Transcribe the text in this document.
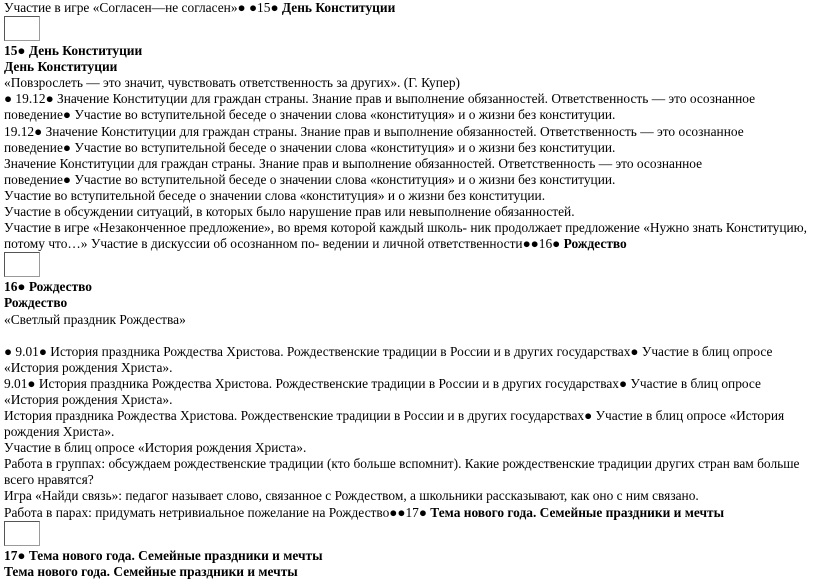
Участие в игре «Согласен—не согласен»● ●15● День Конституции
15● День Конституции
День Конституции
«Повзрослеть — это значит, чувствовать ответственность за других». (Г. Купер)
● 19.12● Значение Конституции для граждан страны. Знание прав и выполнение обязанностей. Ответственность — это осознанное
поведение● Участие во вступительной беседе о значении слова «конституция» и о жизни без конституции.
19.12● Значение Конституции для граждан страны. Знание прав и выполнение обязанностей. Ответственность — это осознанное
поведение● Участие во вступительной беседе о значении слова «конституция» и о жизни без конституции.
Значение Конституции для граждан страны. Знание прав и выполнение обязанностей. Ответственность — это осознанное
поведение● Участие во вступительной беседе о значении слова «конституция» и о жизни без конституции.
Участие во вступительной беседе о значении слова «конституция» и о жизни без конституции.
Участие в обсуждении ситуаций, в которых было нарушение прав или невыполнение обязанностей.
Участие в игре «Незаконченное предложение», во время которой каждый школь- ник продолжает предложение «Нужно знать Конституцию,
потому что…» Участие в дискуссии об осознанном по- ведении и личной ответственности●●16● Рождество
16● Рождество
Рождество
«Светлый праздник Рождества»
● 9.01● История праздника Рождества Христова. Рождественские традиции в России и в других государствах● Участие в блиц опросе
«История рождения Христа».
9.01● История праздника Рождества Христова. Рождественские традиции в России и в других государствах● Участие в блиц опросе
«История рождения Христа».
История праздника Рождества Христова. Рождественские традиции в России и в других государствах● Участие в блиц опросе «История
рождения Христа».
Участие в блиц опросе «История рождения Христа».
Работа в группах: обсуждаем рождественские традиции (кто больше вспомнит). Какие рождественские традиции других стран вам больше
всего нравятся?
Игра «Найди связь»: педагог называет слово, связанное с Рождеством, а школьники рассказывают, как оно с ним связано.
Работа в парах: придумать нетривиальное пожелание на Рождество●●17● Тема нового года. Семейные праздники и мечты
17● Тема нового года. Семейные праздники и мечты
Тема нового года. Семейные праздники и мечты
